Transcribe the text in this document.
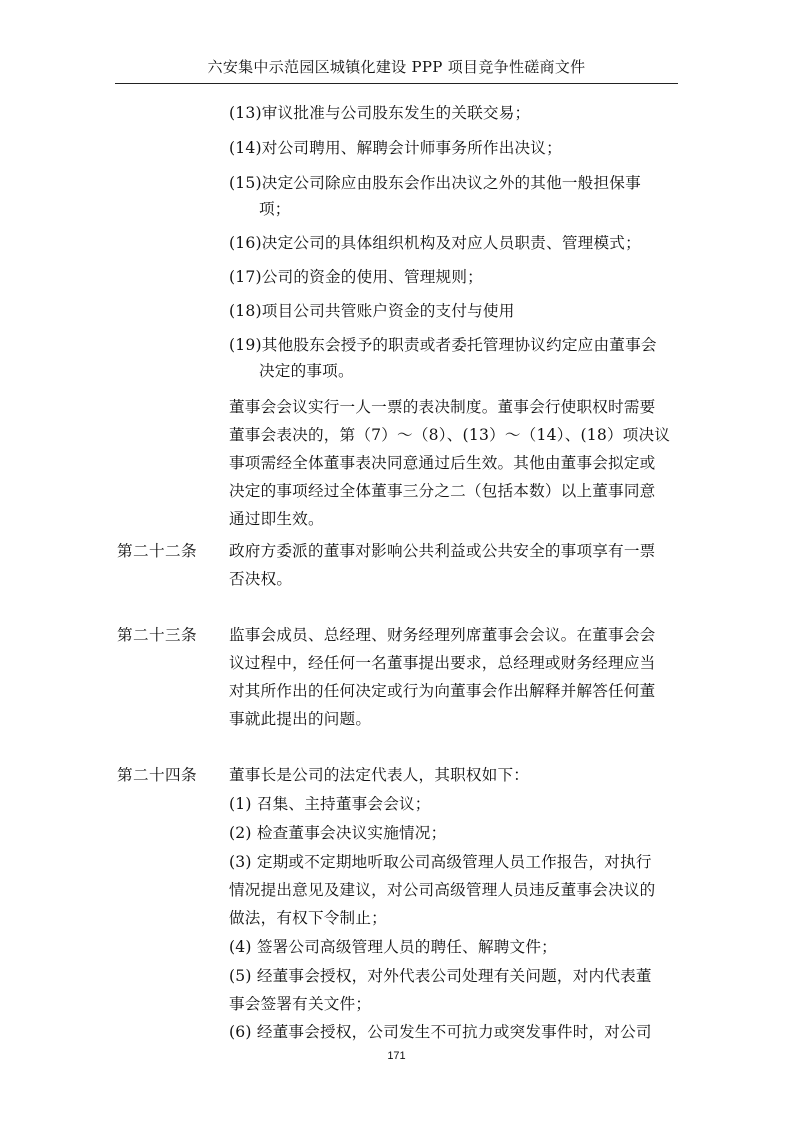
六安集中示范园区城镇化建设 PPP 项目竞争性磋商文件
(13)审议批准与公司股东发生的关联交易；
(14)对公司聘用、解聘会计师事务所作出决议；
(15)决定公司除应由股东会作出决议之外的其他一般担保事
项；
(16)决定公司的具体组织机构及对应人员职责、管理模式；
(17)公司的资金的使用、管理规则；
(18)项目公司共管账户资金的支付与使用
(19)其他股东会授予的职责或者委托管理协议约定应由董事会
决定的事项。
董事会会议实行一人一票的表决制度。董事会行使职权时需要
董事会表决的，第（7）～（8）、(13）～（14）、(18）项决议
事项需经全体董事表决同意通过后生效。其他由董事会拟定或
决定的事项经过全体董事三分之二（包括本数）以上董事同意
通过即生效。
第二十二条 政府方委派的董事对影响公共利益或公共安全的事项享有一票
否决权。
第二十三条 监事会成员、总经理、财务经理列席董事会会议。在董事会会
议过程中，经任何一名董事提出要求，总经理或财务经理应当
对其所作出的任何决定或行为向董事会作出解释并解答任何董
事就此提出的问题。
第二十四条 董事长是公司的法定代表人，其职权如下：
(1) 召集、主持董事会会议；
(2) 检查董事会决议实施情况；
(3) 定期或不定期地听取公司高级管理人员工作报告，对执行
情况提出意见及建议，对公司高级管理人员违反董事会决议的
做法，有权下令制止；
(4) 签署公司高级管理人员的聘任、解聘文件；
(5) 经董事会授权，对外代表公司处理有关问题，对内代表董
事会签署有关文件；
(6) 经董事会授权，公司发生不可抗力或突发事件时，对公司
171
